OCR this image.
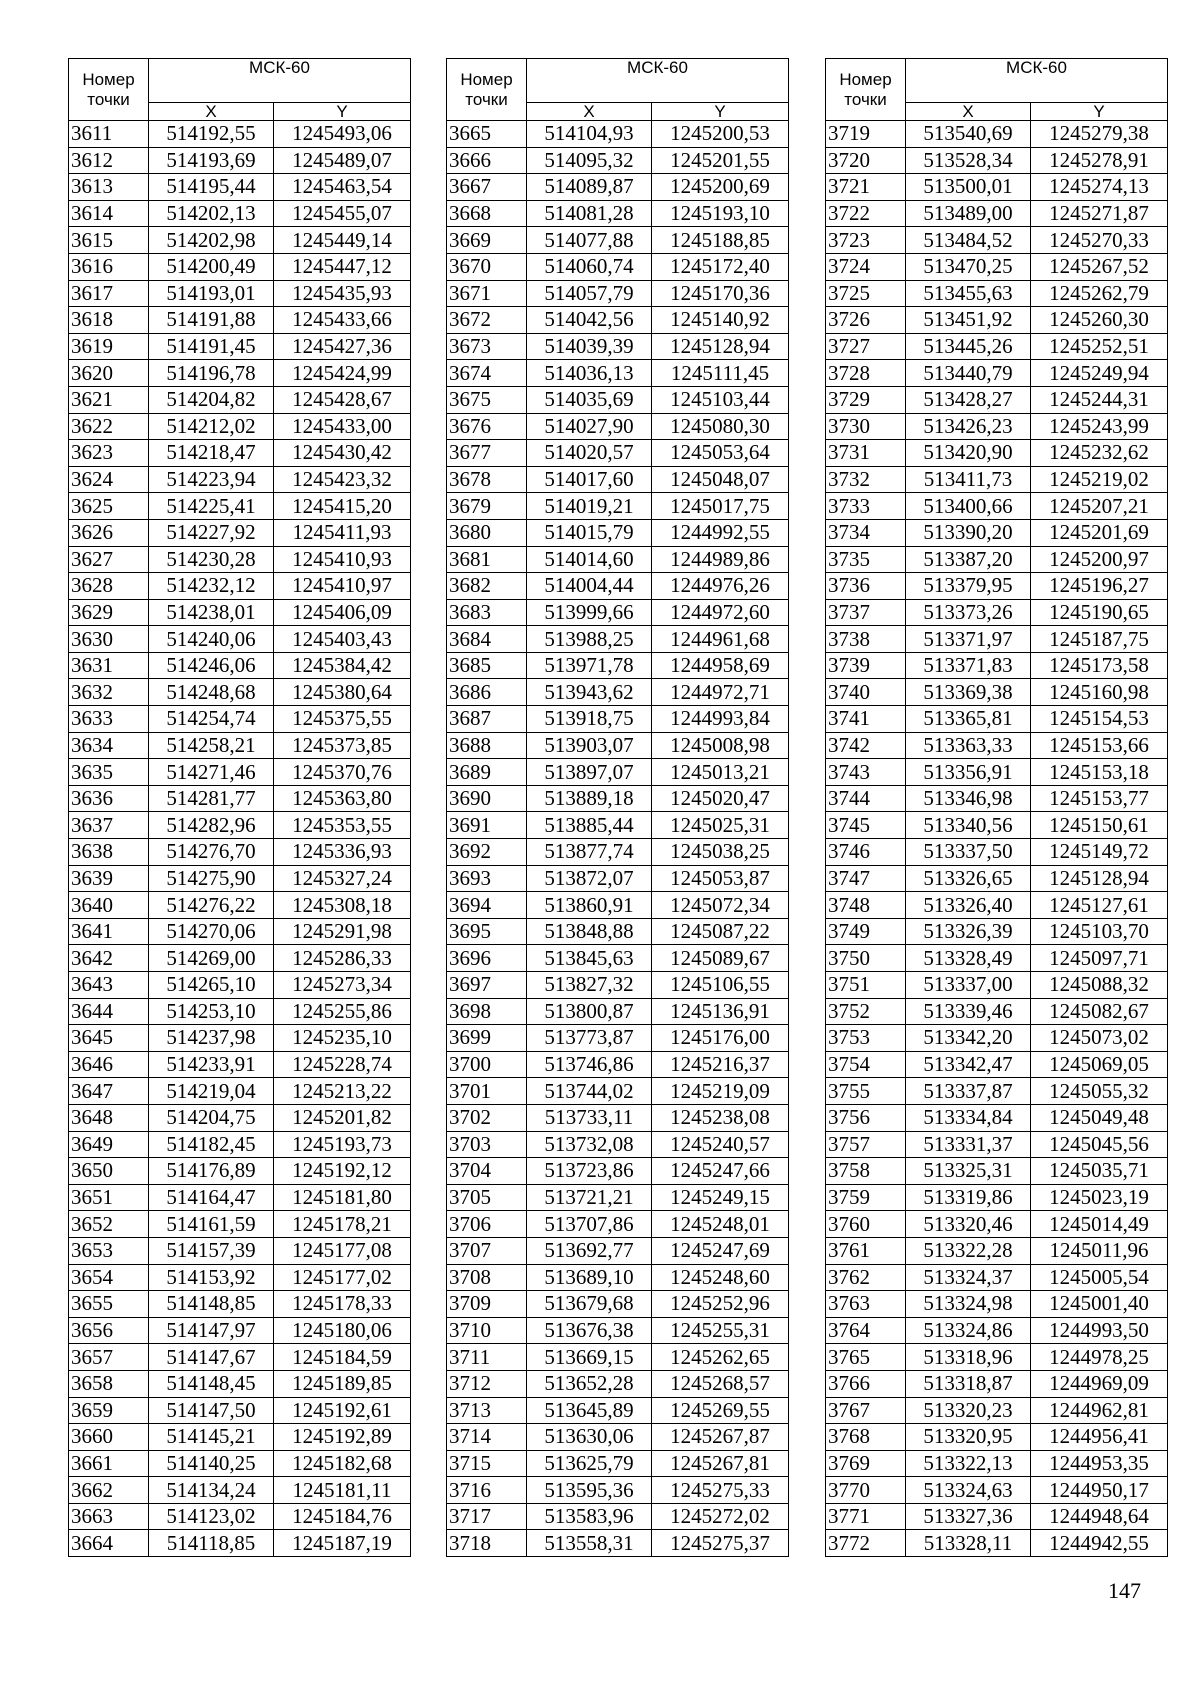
Номер
точки	МСК-60	
	X	Y
3611	514192,55	1245493,06
3612	514193,69	1245489,07
3613	514195,44	1245463,54
3614	514202,13	1245455,07
3615	514202,98	1245449,14
3616	514200,49	1245447,12
3617	514193,01	1245435,93
3618	514191,88	1245433,66
3619	514191,45	1245427,36
3620	514196,78	1245424,99
3621	514204,82	1245428,67
3622	514212,02	1245433,00
3623	514218,47	1245430,42
3624	514223,94	1245423,32
3625	514225,41	1245415,20
3626	514227,92	1245411,93
3627	514230,28	1245410,93
3628	514232,12	1245410,97
3629	514238,01	1245406,09
3630	514240,06	1245403,43
3631	514246,06	1245384,42
3632	514248,68	1245380,64
3633	514254,74	1245375,55
3634	514258,21	1245373,85
3635	514271,46	1245370,76
3636	514281,77	1245363,80
3637	514282,96	1245353,55
3638	514276,70	1245336,93
3639	514275,90	1245327,24
3640	514276,22	1245308,18
3641	514270,06	1245291,98
3642	514269,00	1245286,33
3643	514265,10	1245273,34
3644	514253,10	1245255,86
3645	514237,98	1245235,10
3646	514233,91	1245228,74
3647	514219,04	1245213,22
3648	514204,75	1245201,82
3649	514182,45	1245193,73
3650	514176,89	1245192,12
3651	514164,47	1245181,80
3652	514161,59	1245178,21
3653	514157,39	1245177,08
3654	514153,92	1245177,02
3655	514148,85	1245178,33
3656	514147,97	1245180,06
3657	514147,67	1245184,59
3658	514148,45	1245189,85
3659	514147,50	1245192,61
3660	514145,21	1245192,89
3661	514140,25	1245182,68
3662	514134,24	1245181,11
3663	514123,02	1245184,76
3664	514118,85	1245187,19
Номер
точки	МСК-60	
	X	Y
3665	514104,93	1245200,53
3666	514095,32	1245201,55
3667	514089,87	1245200,69
3668	514081,28	1245193,10
3669	514077,88	1245188,85
3670	514060,74	1245172,40
3671	514057,79	1245170,36
3672	514042,56	1245140,92
3673	514039,39	1245128,94
3674	514036,13	1245111,45
3675	514035,69	1245103,44
3676	514027,90	1245080,30
3677	514020,57	1245053,64
3678	514017,60	1245048,07
3679	514019,21	1245017,75
3680	514015,79	1244992,55
3681	514014,60	1244989,86
3682	514004,44	1244976,26
3683	513999,66	1244972,60
3684	513988,25	1244961,68
3685	513971,78	1244958,69
3686	513943,62	1244972,71
3687	513918,75	1244993,84
3688	513903,07	1245008,98
3689	513897,07	1245013,21
3690	513889,18	1245020,47
3691	513885,44	1245025,31
3692	513877,74	1245038,25
3693	513872,07	1245053,87
3694	513860,91	1245072,34
3695	513848,88	1245087,22
3696	513845,63	1245089,67
3697	513827,32	1245106,55
3698	513800,87	1245136,91
3699	513773,87	1245176,00
3700	513746,86	1245216,37
3701	513744,02	1245219,09
3702	513733,11	1245238,08
3703	513732,08	1245240,57
3704	513723,86	1245247,66
3705	513721,21	1245249,15
3706	513707,86	1245248,01
3707	513692,77	1245247,69
3708	513689,10	1245248,60
3709	513679,68	1245252,96
3710	513676,38	1245255,31
3711	513669,15	1245262,65
3712	513652,28	1245268,57
3713	513645,89	1245269,55
3714	513630,06	1245267,87
3715	513625,79	1245267,81
3716	513595,36	1245275,33
3717	513583,96	1245272,02
3718	513558,31	1245275,37
Номер
точки	МСК-60	
	X	Y
3719	513540,69	1245279,38
3720	513528,34	1245278,91
3721	513500,01	1245274,13
3722	513489,00	1245271,87
3723	513484,52	1245270,33
3724	513470,25	1245267,52
3725	513455,63	1245262,79
3726	513451,92	1245260,30
3727	513445,26	1245252,51
3728	513440,79	1245249,94
3729	513428,27	1245244,31
3730	513426,23	1245243,99
3731	513420,90	1245232,62
3732	513411,73	1245219,02
3733	513400,66	1245207,21
3734	513390,20	1245201,69
3735	513387,20	1245200,97
3736	513379,95	1245196,27
3737	513373,26	1245190,65
3738	513371,97	1245187,75
3739	513371,83	1245173,58
3740	513369,38	1245160,98
3741	513365,81	1245154,53
3742	513363,33	1245153,66
3743	513356,91	1245153,18
3744	513346,98	1245153,77
3745	513340,56	1245150,61
3746	513337,50	1245149,72
3747	513326,65	1245128,94
3748	513326,40	1245127,61
3749	513326,39	1245103,70
3750	513328,49	1245097,71
3751	513337,00	1245088,32
3752	513339,46	1245082,67
3753	513342,20	1245073,02
3754	513342,47	1245069,05
3755	513337,87	1245055,32
3756	513334,84	1245049,48
3757	513331,37	1245045,56
3758	513325,31	1245035,71
3759	513319,86	1245023,19
3760	513320,46	1245014,49
3761	513322,28	1245011,96
3762	513324,37	1245005,54
3763	513324,98	1245001,40
3764	513324,86	1244993,50
3765	513318,96	1244978,25
3766	513318,87	1244969,09
3767	513320,23	1244962,81
3768	513320,95	1244956,41
3769	513322,13	1244953,35
3770	513324,63	1244950,17
3771	513327,36	1244948,64
3772	513328,11	1244942,55
147
